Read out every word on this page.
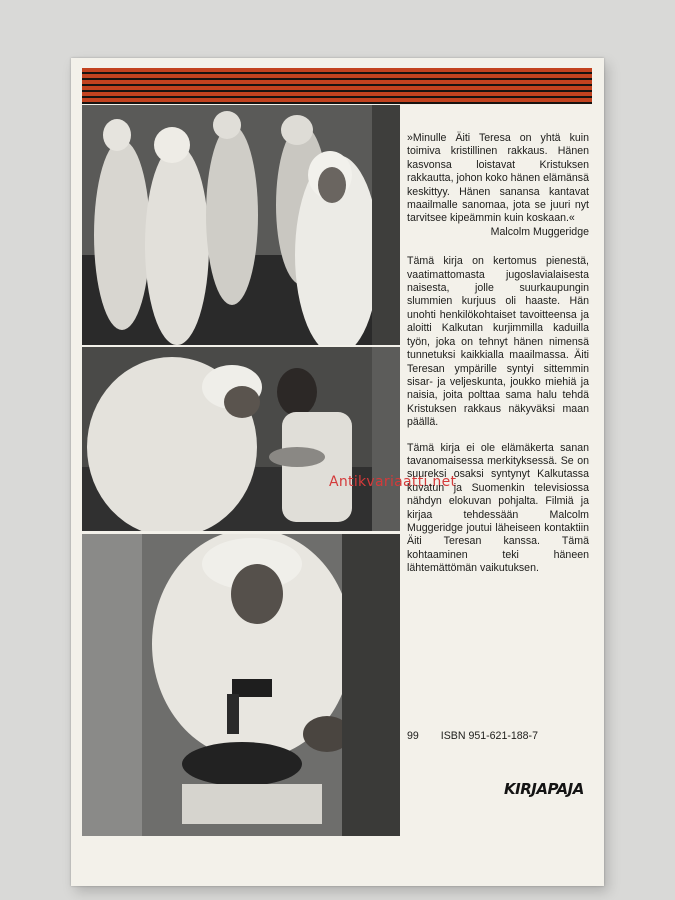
Antikvariaatti.net
»Minulle Äiti Teresa on yhtä kuin toimiva kristillinen rakkaus. Hänen kasvonsa loistavat Kristuksen rakkautta, johon koko hänen elämänsä keskittyy. Hänen sanansa kantavat maailmalle sanomaa, jota se juuri nyt tarvitsee kipeämmin kuin koskaan.«
Malcolm Muggeridge
Tämä kirja on kertomus pienestä, vaatimattomasta jugoslavialaisesta naisesta, jolle suurkaupungin slummien kurjuus oli haaste. Hän unohti henkilökohtaiset tavoitteensa ja aloitti Kalkutan kurjimmilla kaduilla työn, joka on tehnyt hänen nimensä tunnetuksi kaikkialla maailmassa. Äiti Teresan ympärille syntyi sittemmin sisar- ja veljeskunta, joukko miehiä ja naisia, joita polttaa sama halu tehdä Kristuksen rakkaus näkyväksi maan päällä.
Tämä kirja ei ole elämäkerta sanan tavanomaisessa merkityksessä. Se on suureksi osaksi syntynyt Kalkutassa kuvatun ja Suomenkin televisiossa nähdyn elokuvan pohjalta. Filmiä ja kirjaa tehdessään Malcolm Muggeridge joutui läheiseen kontaktiin Äiti Teresan kanssa. Tämä kohtaaminen teki häneen lähtemättömän vaikutuksen.
99 ISBN 951-621-188-7
KIRJAPAJA
